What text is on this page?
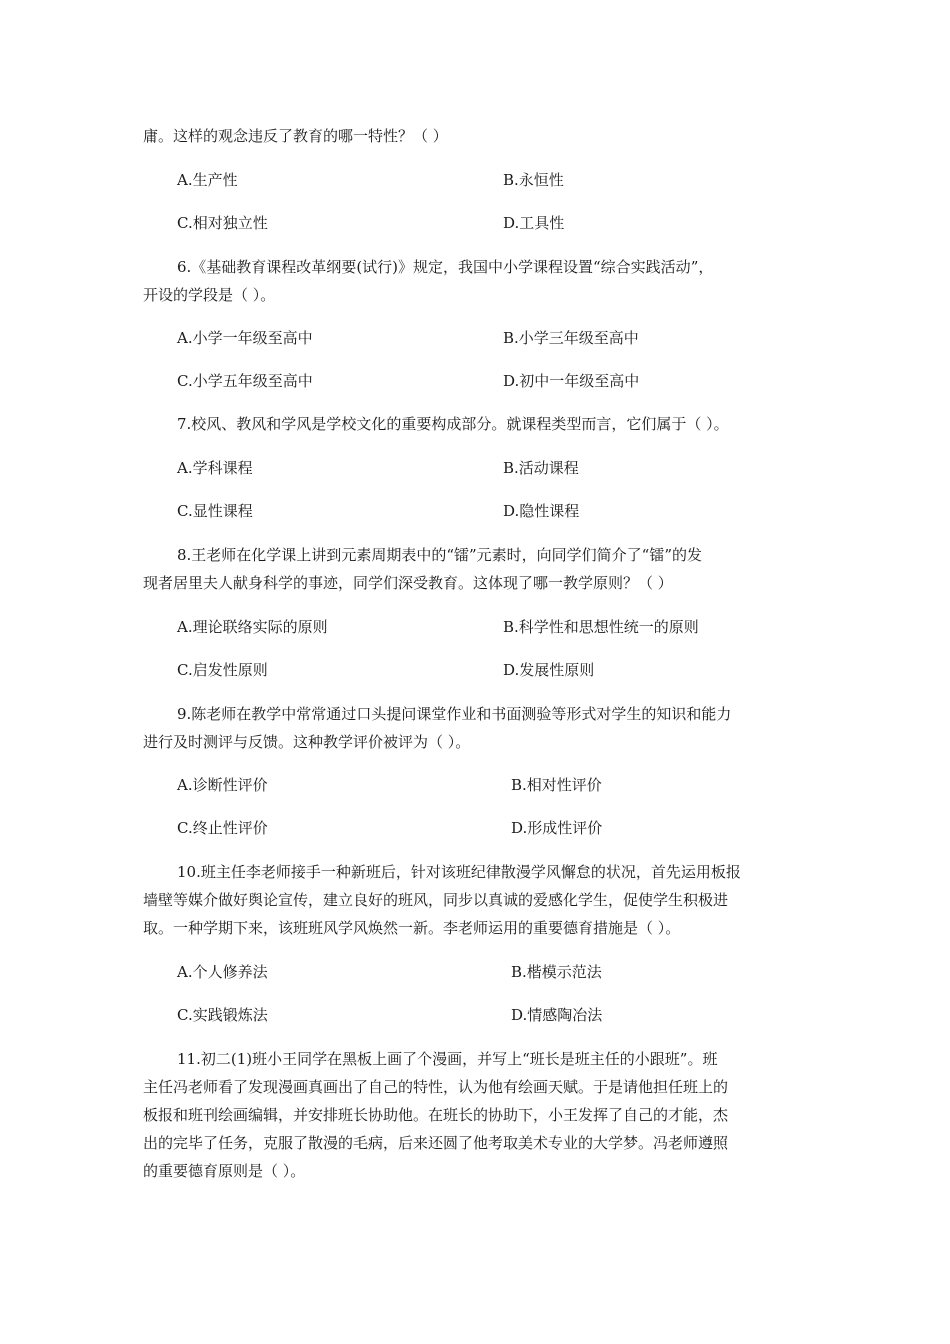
庸。这样的观念违反了教育的哪一特性？（ ）
A.生产性	B.永恒性
C.相对独立性	D.工具性
6.《基础教育课程改革纲要(试行)》规定，我国中小学课程设置“综合实践活动”，
开设的学段是（ ）。
A.小学一年级至高中	B.小学三年级至高中
C.小学五年级至高中	D.初中一年级至高中
7.校风、教风和学风是学校文化的重要构成部分。就课程类型而言，它们属于（ ）。
A.学科课程	B.活动课程
C.显性课程	D.隐性课程
8.王老师在化学课上讲到元素周期表中的“镭”元素时，向同学们简介了“镭”的发
现者居里夫人献身科学的事迹，同学们深受教育。这体现了哪一教学原则？（ ）
A.理论联络实际的原则	B.科学性和思想性统一的原则
C.启发性原则	D.发展性原则
9.陈老师在教学中常常通过口头提问课堂作业和书面测验等形式对学生的知识和能力
进行及时测评与反馈。这种教学评价被评为（ ）。
A.诊断性评价	B.相对性评价
C.终止性评价	D.形成性评价
10.班主任李老师接手一种新班后，针对该班纪律散漫学风懈怠的状况，首先运用板报
墙壁等媒介做好舆论宣传，建立良好的班风，同步以真诚的爱感化学生，促使学生积极进
取。一种学期下来，该班班风学风焕然一新。李老师运用的重要德育措施是（ ）。
A.个人修养法	B.楷模示范法
C.实践锻炼法	D.情感陶冶法
11.初二(1)班小王同学在黑板上画了个漫画，并写上“班长是班主任的小跟班”。班
主任冯老师看了发现漫画真画出了自己的特性，认为他有绘画天赋。于是请他担任班上的
板报和班刊绘画编辑，并安排班长协助他。在班长的协助下，小王发挥了自己的才能，杰
出的完毕了任务，克服了散漫的毛病，后来还圆了他考取美术专业的大学梦。冯老师遵照
的重要德育原则是（ ）。
